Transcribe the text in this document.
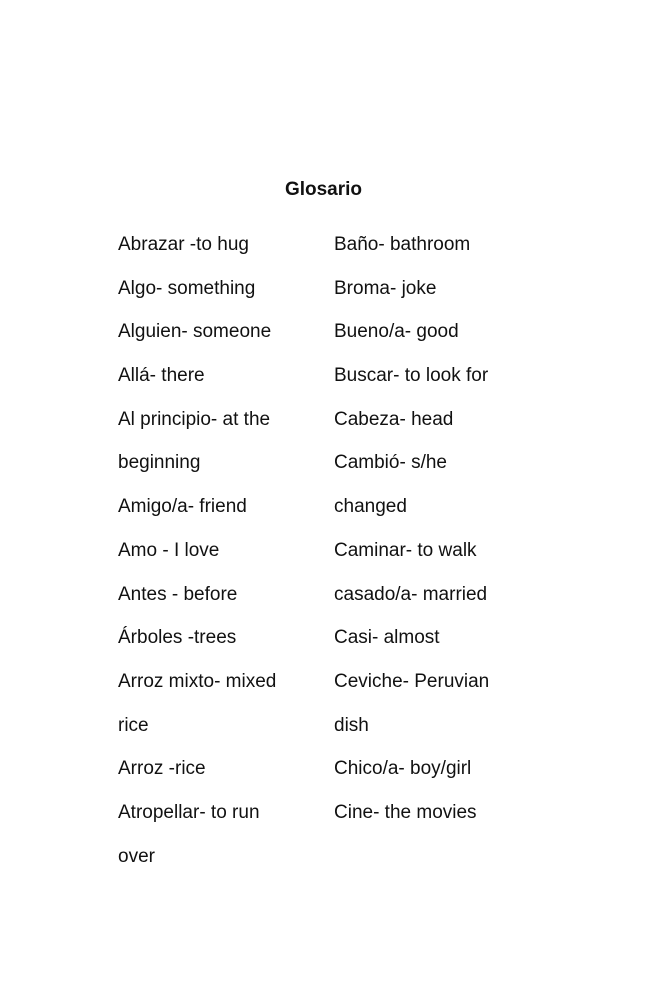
Glosario
Abrazar -to hug
Algo- something
Alguien- someone
Allá- there
Al principio- at the
beginning
Amigo/a- friend
Amo - I love
Antes - before
Árboles -trees
Arroz mixto- mixed
rice
Arroz -rice
Atropellar- to run
over
Baño- bathroom
Broma- joke
Bueno/a- good
Buscar- to look for
Cabeza- head
Cambió- s/he
changed
Caminar- to walk
casado/a- married
Casi- almost
Ceviche- Peruvian
dish
Chico/a- boy/girl
Cine- the movies
